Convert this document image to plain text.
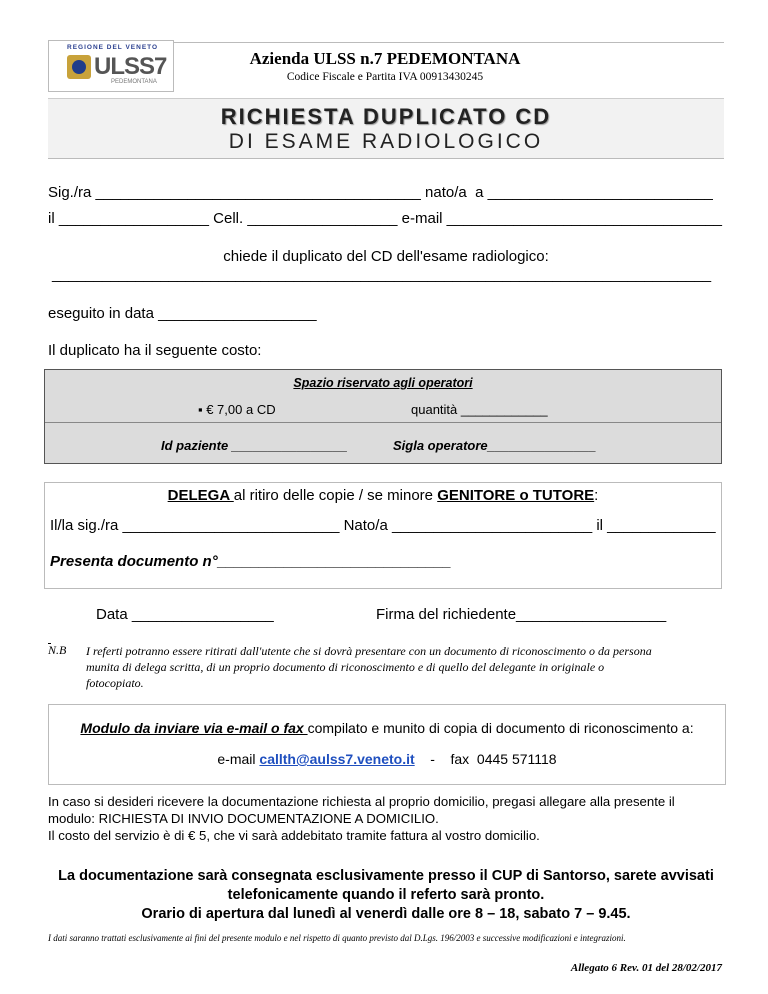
REGIONE DEL VENETO
ULSS7
PEDEMONTANA
Azienda ULSS n.7 PEDEMONTANA
Codice Fiscale e Partita IVA 00913430245
RICHIESTA DUPLICATO CD
DI ESAME RADIOLOGICO
Sig./ra _______________________________________ nato/a  a ___________________________
il __________________ Cell. __________________ e-mail _________________________________
chiede il duplicato del CD dell'esame radiologico:
_______________________________________________________________________________
eseguito in data ___________________
Il duplicato ha il seguente costo:
Spazio riservato agli operatori
▪ € 7,00 a CD	quantità ____________
Id paziente ________________	Sigla operatore_______________
DELEGA al ritiro delle copie / se minore GENITORE o TUTORE:
Il/la sig./ra __________________________ Nato/a ________________________ il _____________
Presenta documento n°____________________________
Data _________________	Firma del richiedente__________________
N.B I referti potranno essere ritirati dall'utente che si dovrà presentare con un documento di riconoscimento o da persona
munita di delega scritta, di un proprio documento di riconoscimento e di quello del delegante in originale o
fotocopiato.
Modulo da inviare via e-mail o fax compilato e munito di copia di documento di riconoscimento a:
e-mail callth@aulss7.veneto.it - fax  0445 571118
In caso si desideri ricevere la documentazione richiesta al proprio domicilio, pregasi allegare alla presente il
modulo: RICHIESTA DI INVIO DOCUMENTAZIONE A DOMICILIO.
Il costo del servizio è di € 5, che vi sarà addebitato tramite fattura al vostro domicilio.
La documentazione sarà consegnata esclusivamente presso il CUP di Santorso, sarete avvisati
telefonicamente quando il referto sarà pronto.
Orario di apertura dal lunedì al venerdì dalle ore 8 – 18, sabato 7 – 9.45.
I dati saranno trattati esclusivamente ai fini del presente modulo e nel rispetto di quanto previsto dal D.Lgs. 196/2003 e successive modificazioni e integrazioni.
Allegato 6 Rev. 01 del 28/02/2017
